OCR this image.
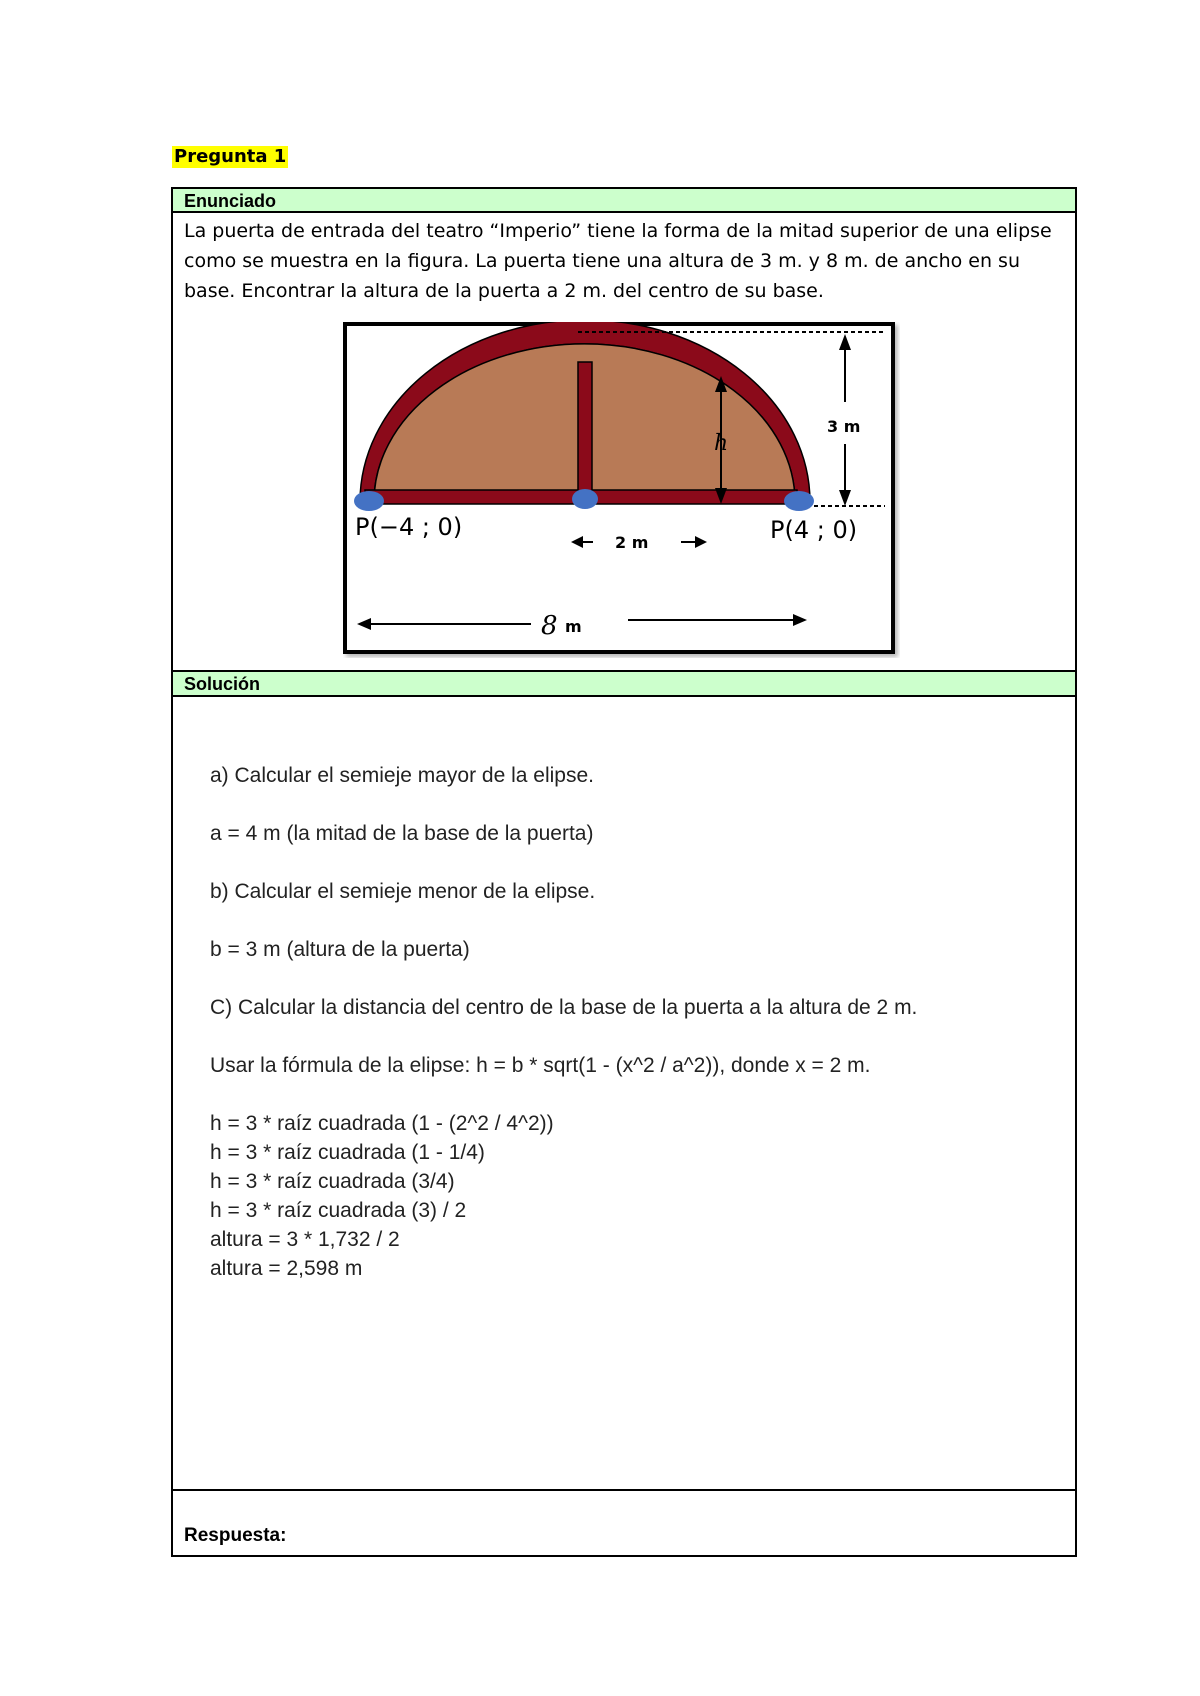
Pregunta 1
Enunciado
La puerta de entrada del teatro “Imperio” tiene la forma de la mitad superior de una elipse
como se muestra en la figura. La puerta tiene una altura de 3 m. y 8 m. de ancho en su
base. Encontrar la altura de la puerta a 2 m. del centro de su base.
h
3 m
P(−4 ; 0)	P(4 ; 0)
2 m
8 m
Solución

a) Calcular el semieje mayor de la elipse.

a = 4 m (la mitad de la base de la puerta)

b) Calcular el semieje menor de la elipse.

b = 3 m (altura de la puerta)

C) Calcular la distancia del centro de la base de la puerta a la altura de 2 m.

Usar la fórmula de la elipse: h = b * sqrt(1 - (x^2 / a^2)), donde x = 2 m.

h = 3 * raíz cuadrada (1 - (2^2 / 4^2))

h = 3 * raíz cuadrada (1 - 1/4)

h = 3 * raíz cuadrada (3/4)

h = 3 * raíz cuadrada (3) / 2

altura = 3 * 1,732 / 2

altura = 2,598 m

Respuesta:
